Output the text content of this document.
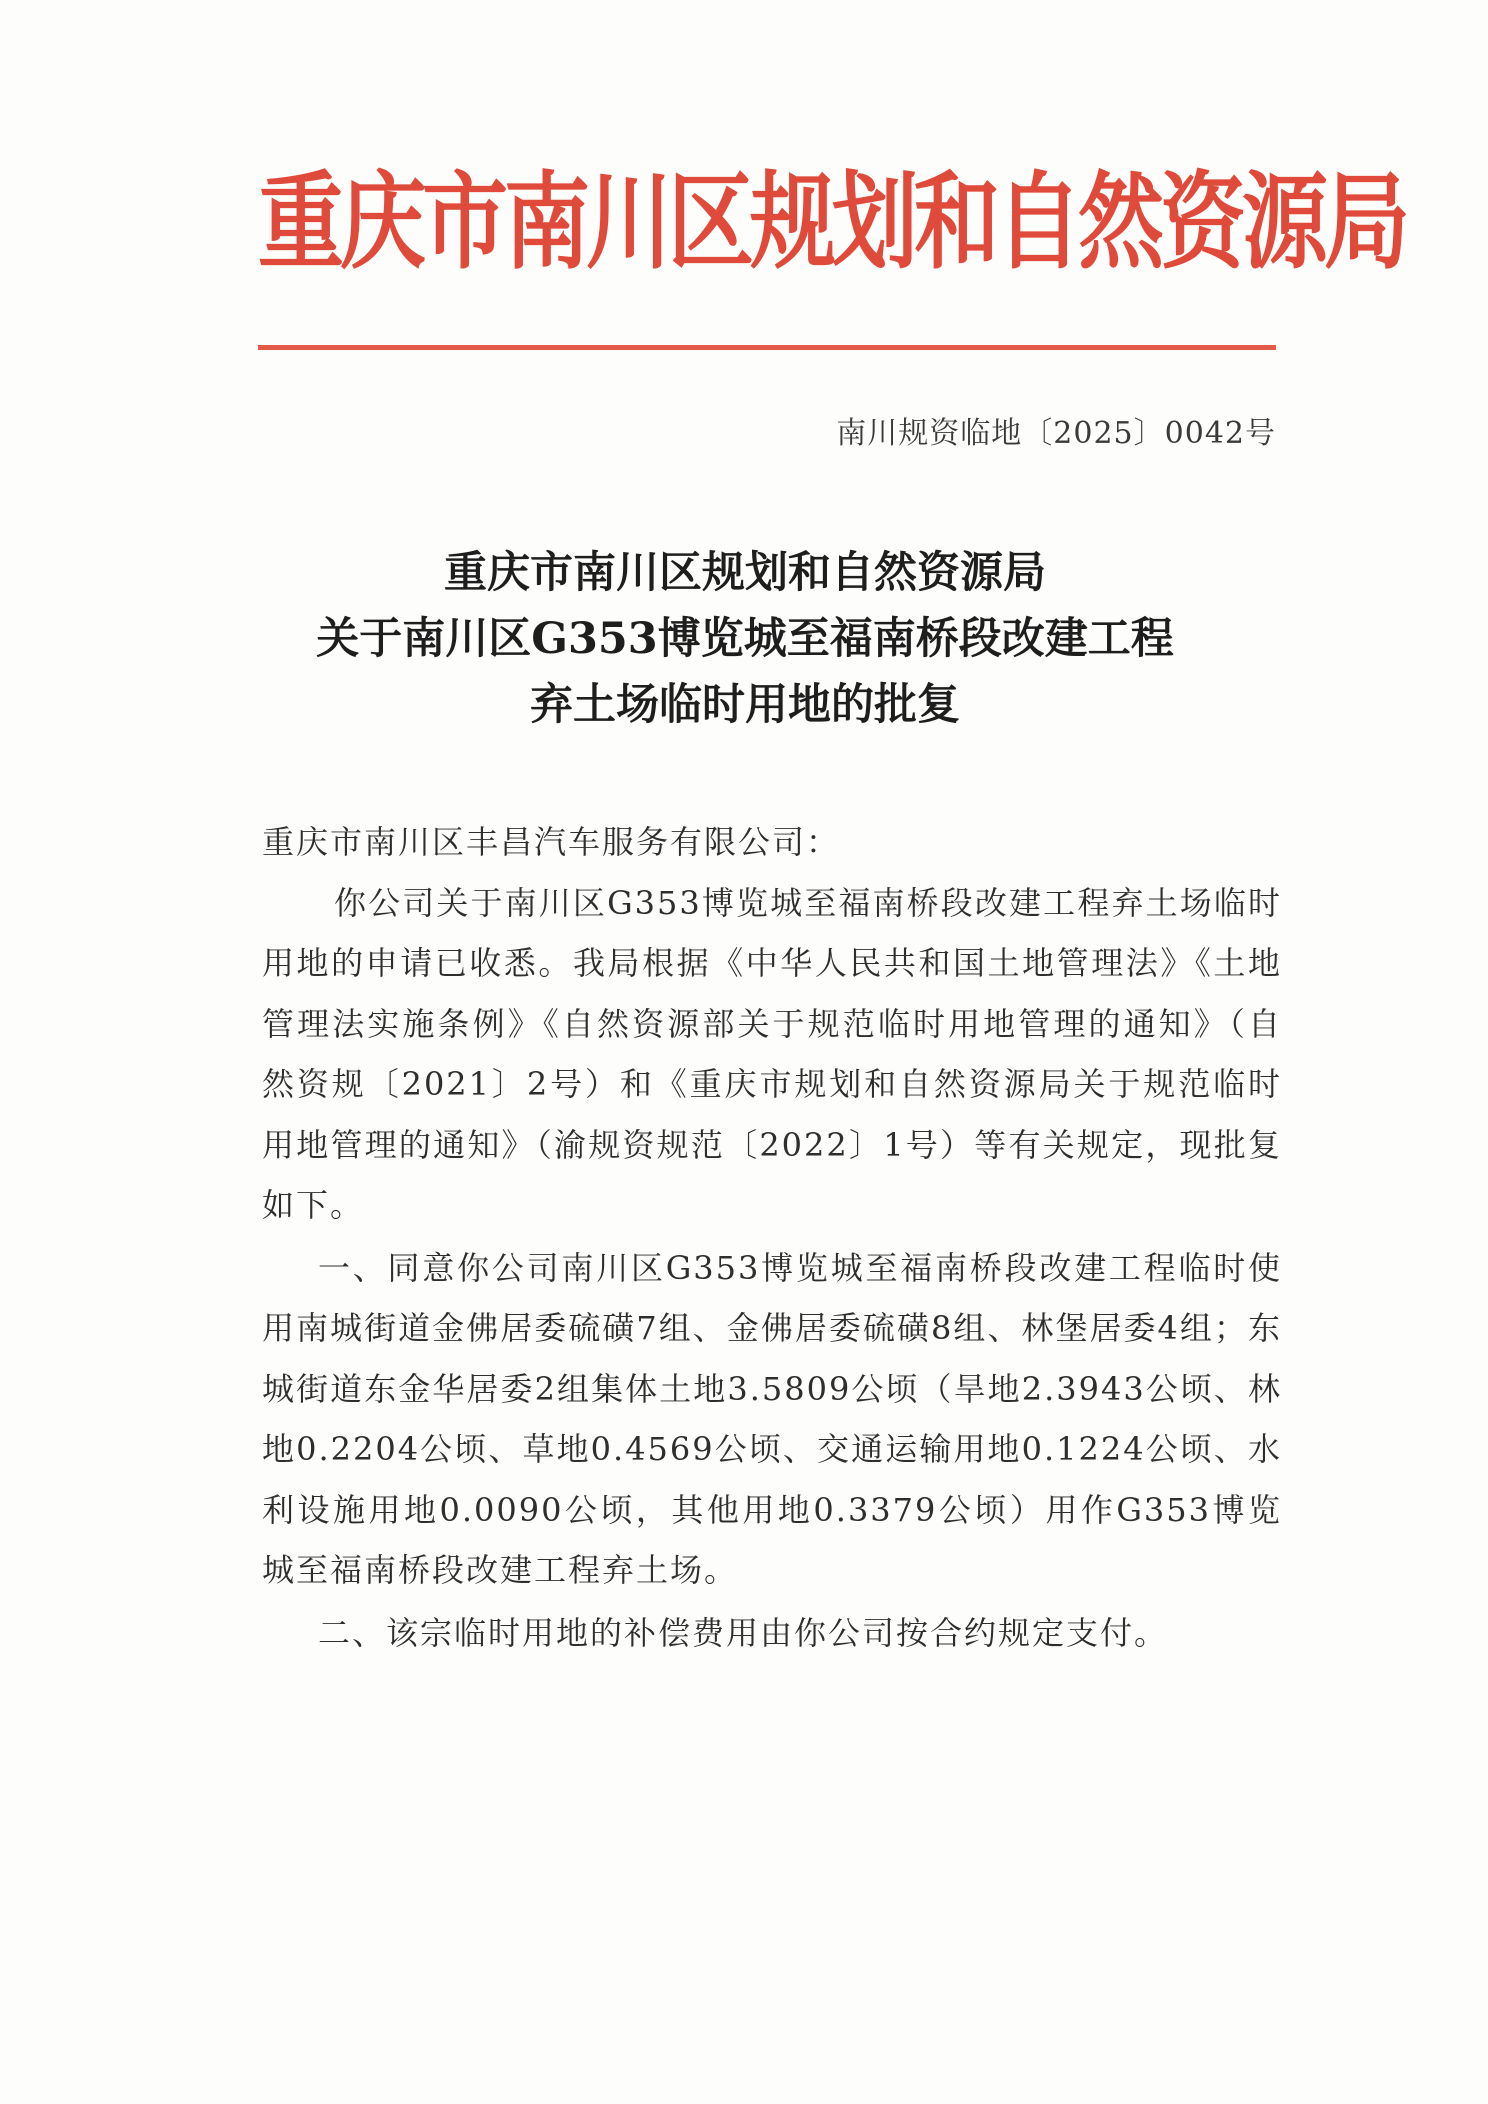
重庆市南川区规划和自然资源局
南川规资临地〔2025〕0042号
重庆市南川区规划和自然资源局
关于南川区G353博览城至福南桥段改建工程
弃土场临时用地的批复

重庆市南川区丰昌汽车服务有限公司：

你公司关于南川区G353博览城至福南桥段改建工程弃土场临时用地的申请已收悉。我局根据《中华人民共和国土地管理法》《土地管理法实施条例》《自然资源部关于规范临时用地管理的通知》（自然资规〔2021〕2号）和《重庆市规划和自然资源局关于规范临时用地管理的通知》（渝规资规范〔2022〕1号）等有关规定，现批复如下。

一、同意你公司南川区G353博览城至福南桥段改建工程临时使用南城街道金佛居委硫磺7组、金佛居委硫磺8组、林堡居委4组；东城街道东金华居委2组集体土地3.5809公顷（旱地2.3943公顷、林地0.2204公顷、草地0.4569公顷、交通运输用地0.1224公顷、水利设施用地0.0090公顷，其他用地0.3379公顷）用作G353博览城至福南桥段改建工程弃土场。

二、该宗临时用地的补偿费用由你公司按合约规定支付。
